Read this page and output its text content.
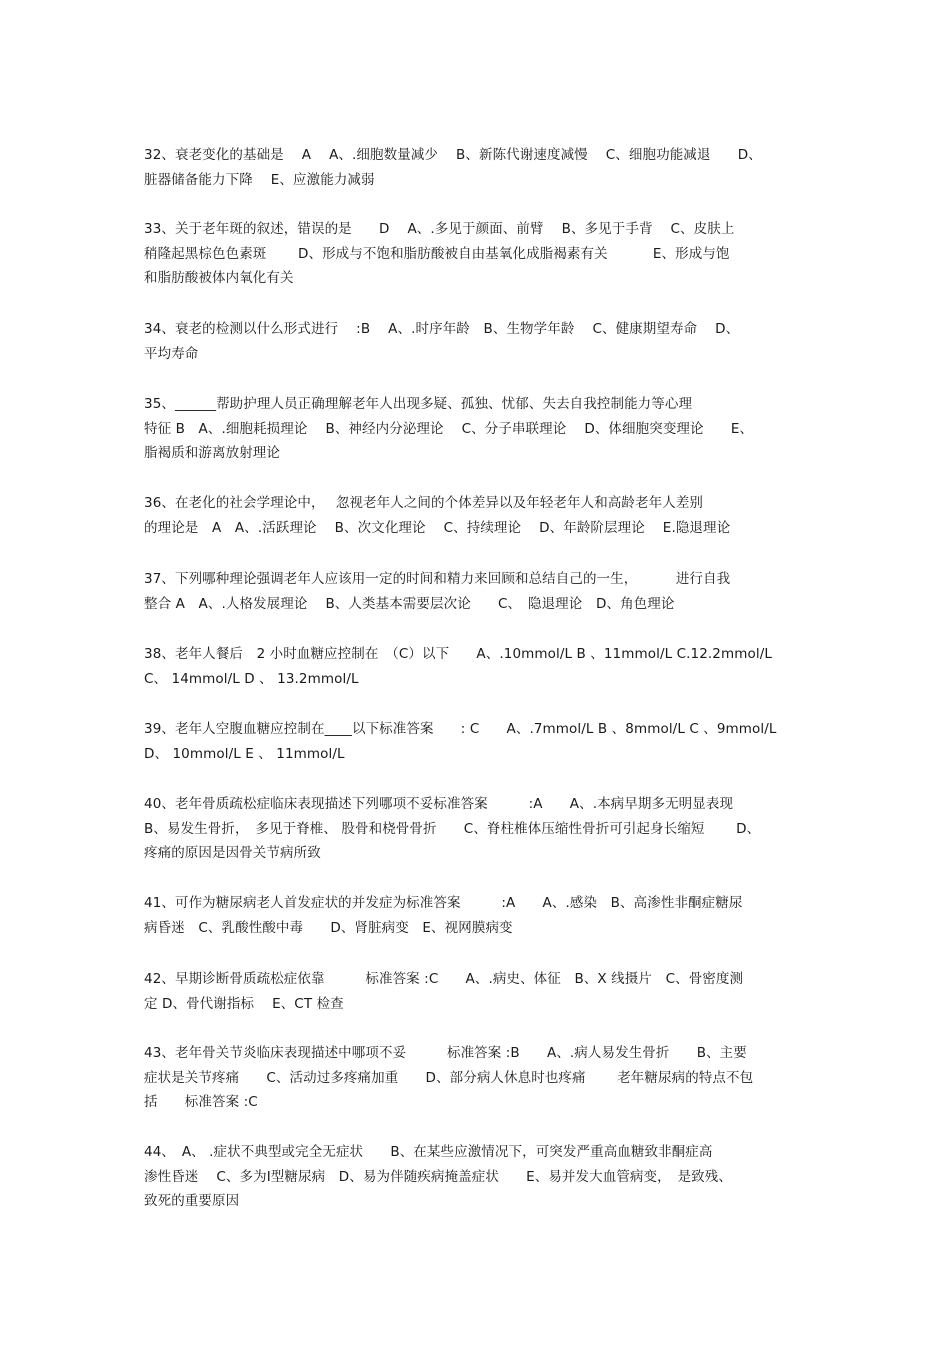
32、衰老变化的基础是　 A　 A、.细胞数量减少　 B、新陈代谢速度减慢　 C、细胞功能减退　　D、
脏器储备能力下降　 E、应激能力减弱
33、关于老年斑的叙述，错误的是　　D　 A、.多见于颜面、前臂　 B、多见于手背　 C、皮肤上
稍隆起黑棕色色素斑　　 D、形成与不饱和脂肪酸被自由基氧化成脂褐素有关　　　 E、形成与饱
和脂肪酸被体内氧化有关
34、衰老的检测以什么形式进行　 :B　 A、.时序年龄　B、生物学年龄　 C、健康期望寿命　 D、
平均寿命
35、______帮助护理人员正确理解老年人出现多疑、孤独、忧郁、失去自我控制能力等心理
特征 B　A、.细胞耗损理论　 B、神经内分泌理论　 C、分子串联理论　 D、体细胞突变理论　　E、
脂褐质和游离放射理论
36、在老化的社会学理论中，　 忽视老年人之间的个体差异以及年轻老年人和高龄老年人差别
的理论是　A　A、.活跃理论　 B、次文化理论　 C、持续理论　 D、年龄阶层理论　 E.隐退理论
37、下列哪种理论强调老年人应该用一定的时间和精力来回顾和总结自己的一生，　　　 进行自我
整合 A　A、.人格发展理论　 B、人类基本需要层次论　　C、　隐退理论　D、角色理论
38、老年人餐后　2 小时血糖应控制在　（C）以下　　A、.10mmol/L B 、11mmol/L C.12.2mmol/L
C、 14mmol/L D 、 13.2mmol/L
39、老年人空腹血糖应控制在____以下标准答案　　: C　　A、.7mmol/L B 、8mmol/L C 、9mmol/L
D、 10mmol/L E 、 11mmol/L
40、老年骨质疏松症临床表现描述下列哪项不妥标准答案　　　:A　　A、.本病早期多无明显表现
B、易发生骨折，　多见于脊椎、 股骨和桡骨骨折　　C、脊柱椎体压缩性骨折可引起身长缩短　　 D、
疼痛的原因是因骨关节病所致
41、可作为糖尿病老人首发症状的并发症为标准答案　　　:A　　A、.感染　B、高渗性非酮症糖尿
病昏迷　C、乳酸性酸中毒　　D、肾脏病变　E、视网膜病变
42、早期诊断骨质疏松症依靠　　　标准答案 :C　　A、.病史、体征　B、X 线摄片　C、骨密度测
定 D、骨代谢指标　 E、CT 检查
43、老年骨关节炎临床表现描述中哪项不妥　　　标准答案 :B　　A、.病人易发生骨折　　B、主要
症状是关节疼痛　　C、活动过多疼痛加重　　D、部分病人休息时也疼痛　　 老年糖尿病的特点不包
括　　标准答案 :C
44、　A、 .症状不典型或完全无症状　　B、在某些应激情况下，可突发严重高血糖致非酮症高
渗性昏迷　 C、多为Ⅰ型糖尿病　D、易为伴随疾病掩盖症状　　E、易并发大血管病变，　是致残、
致死的重要原因
